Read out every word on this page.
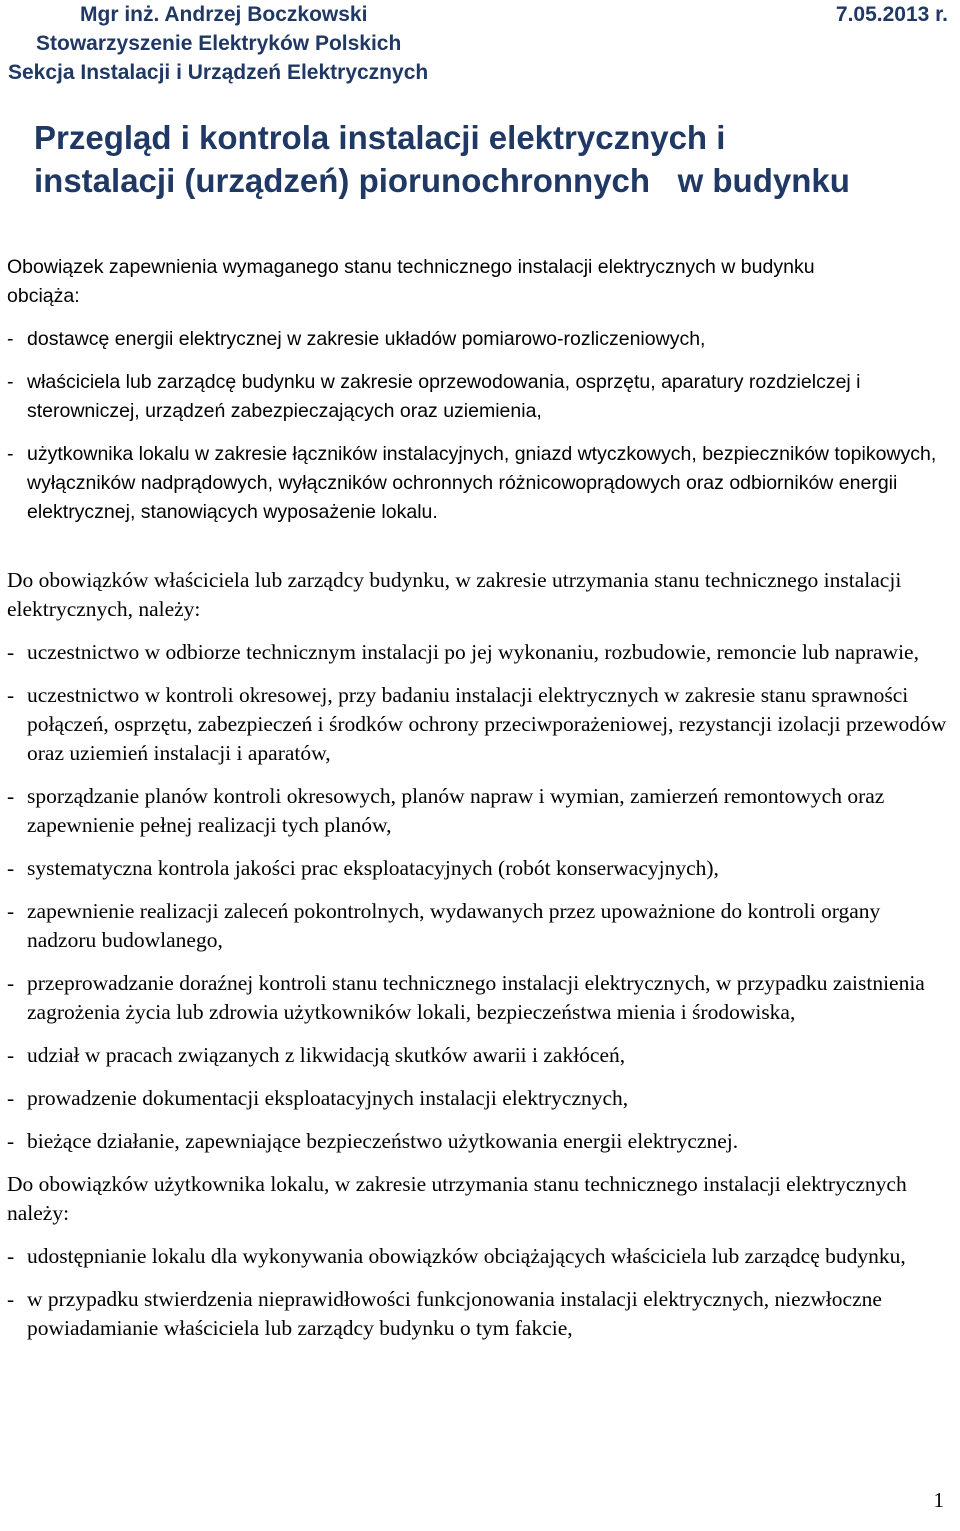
Mgr inż. Andrzej Boczkowski	7.05.2013 r.
Stowarzyszenie Elektryków Polskich
Sekcja Instalacji i Urządzeń Elektrycznych
Przegląd i kontrola instalacji elektrycznych i
instalacji (urządzeń) piorunochronnych   w budynku

Obowiązek zapewnienia wymaganego stanu technicznego instalacji elektrycznych w budynku obciąża:

- dostawcę energii elektrycznej w zakresie układów pomiarowo-rozliczeniowych,
- właściciela lub zarządcę budynku w zakresie oprzewodowania, osprzętu, aparatury rozdzielczej i sterowniczej, urządzeń zabezpieczających oraz uziemienia,
- użytkownika lokalu w zakresie łączników instalacyjnych, gniazd wtyczkowych, bezpieczników topikowych, wyłączników nadprądowych, wyłączników ochronnych różnicowoprądowych oraz odbiorników energii elektrycznej, stanowiących wyposażenie lokalu.

Do obowiązków właściciela lub zarządcy budynku, w zakresie utrzymania stanu technicznego instalacji elektrycznych, należy:

- uczestnictwo w odbiorze technicznym instalacji po jej wykonaniu, rozbudowie, remoncie lub naprawie,
- uczestnictwo w kontroli okresowej, przy badaniu instalacji elektrycznych w zakresie stanu sprawności połączeń, osprzętu, zabezpieczeń i środków ochrony przeciwporażeniowej, rezystancji izolacji przewodów oraz uziemień instalacji i aparatów,
- sporządzanie planów kontroli okresowych, planów napraw i wymian, zamierzeń remontowych oraz zapewnienie pełnej realizacji tych planów,
- systematyczna kontrola jakości prac eksploatacyjnych (robót konserwacyjnych),
- zapewnienie realizacji zaleceń pokontrolnych, wydawanych przez upoważnione do kontroli organy nadzoru budowlanego,
- przeprowadzanie doraźnej kontroli stanu technicznego instalacji elektrycznych, w przypadku zaistnienia zagrożenia życia lub zdrowia użytkowników lokali, bezpieczeństwa mienia i środowiska,
- udział w pracach związanych z likwidacją skutków awarii i zakłóceń,
- prowadzenie dokumentacji eksploatacyjnych instalacji elektrycznych,
- bieżące działanie, zapewniające bezpieczeństwo użytkowania energii elektrycznej.

Do obowiązków użytkownika lokalu, w zakresie utrzymania stanu technicznego instalacji elektrycznych należy:

- udostępnianie lokalu dla wykonywania obowiązków obciążających właściciela lub zarządcę budynku,
- w przypadku stwierdzenia nieprawidłowości funkcjonowania instalacji elektrycznych, niezwłoczne powiadamianie właściciela lub zarządcy budynku o tym fakcie,
1
